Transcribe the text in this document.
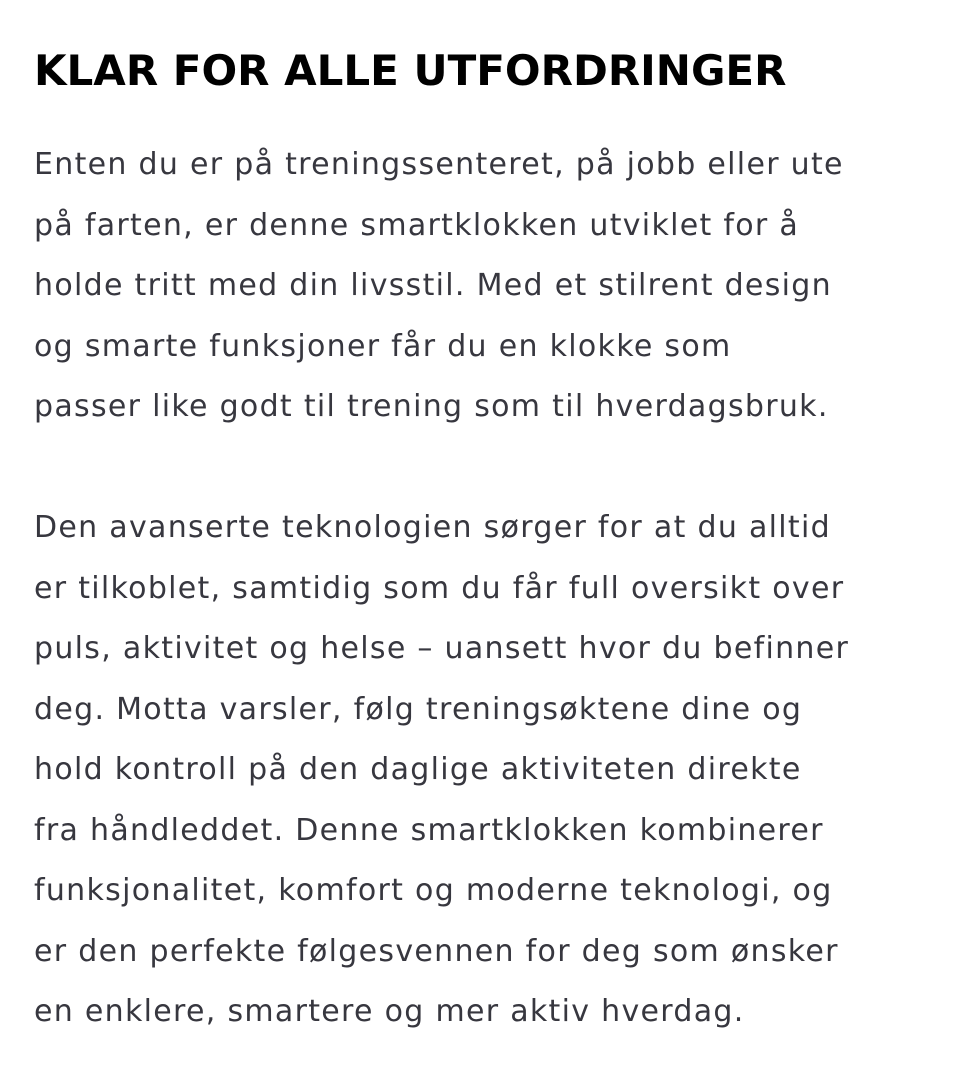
KLAR FOR ALLE UTFORDRINGER

Enten du er på treningssenteret, på jobb eller ute
på farten, er denne smartklokken utviklet for å
holde tritt med din livsstil. Med et stilrent design
og smarte funksjoner får du en klokke som
passer like godt til trening som til hverdagsbruk.

Den avanserte teknologien sørger for at du alltid
er tilkoblet, samtidig som du får full oversikt over
puls, aktivitet og helse – uansett hvor du befinner
deg. Motta varsler, følg treningsøktene dine og
hold kontroll på den daglige aktiviteten direkte
fra håndleddet. Denne smartklokken kombinerer
funksjonalitet, komfort og moderne teknologi, og
er den perfekte følgesvennen for deg som ønsker
en enklere, smartere og mer aktiv hverdag.
